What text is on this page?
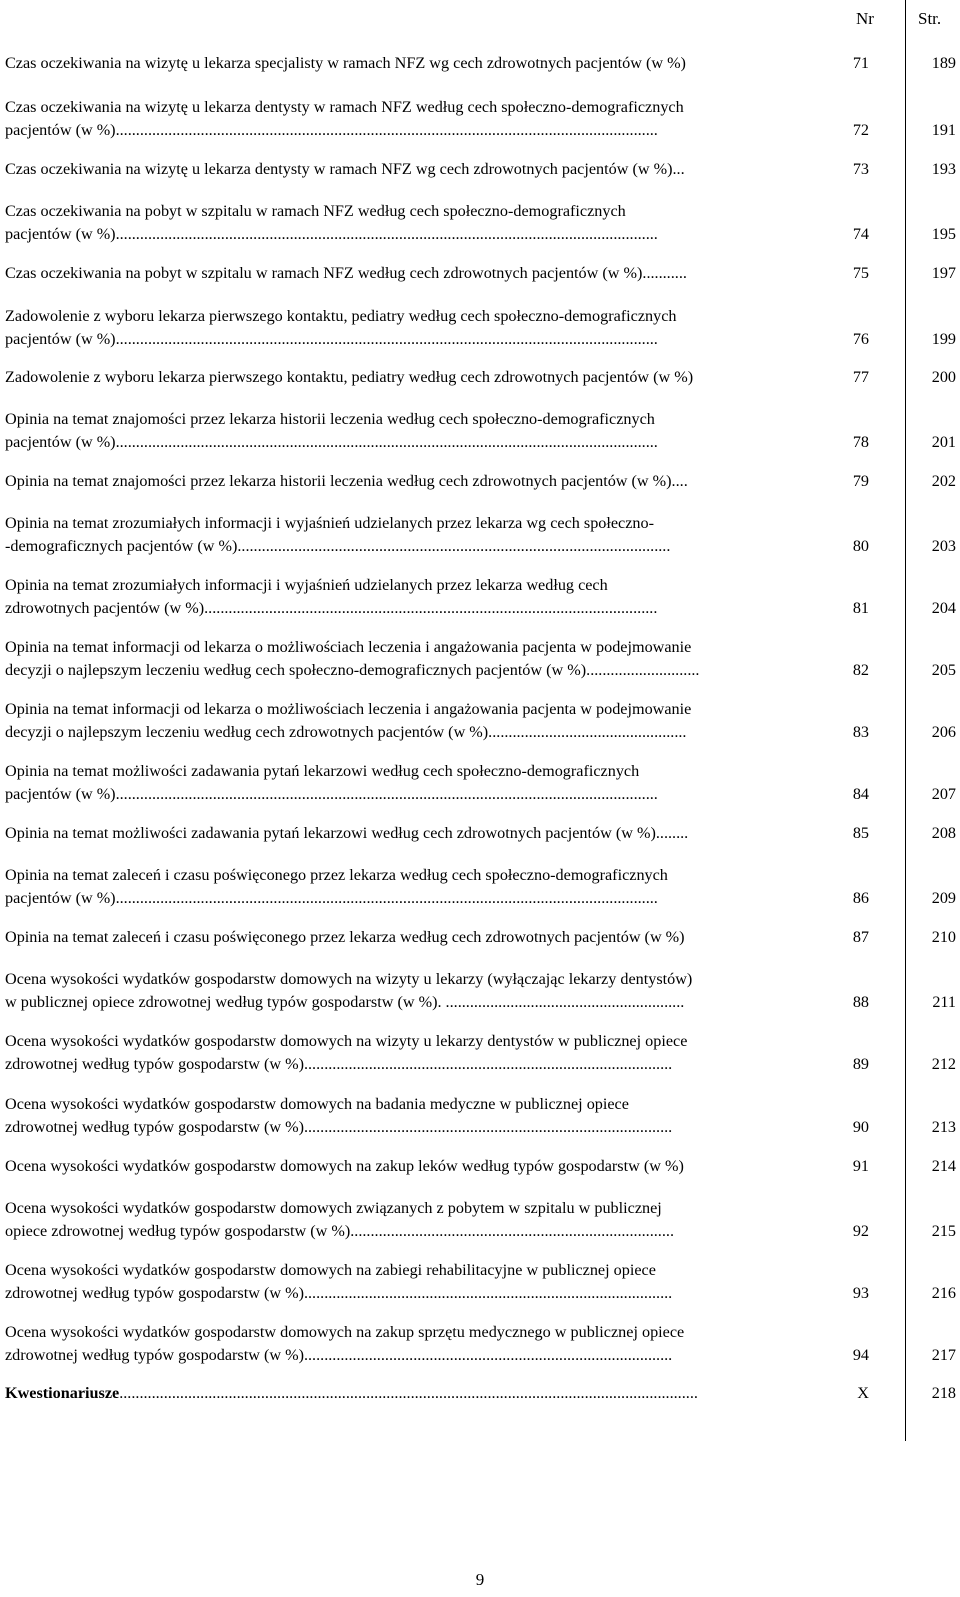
Nr	Str.
Czas oczekiwania na wizytę u lekarza specjalisty w ramach NFZ wg cech zdrowotnych pacjentów (w %)	71	189
Czas oczekiwania na wizytę u lekarza dentysty w ramach NFZ według cech społeczno-demograficznych
pacjentów (w %)......................................................................................................................................	72	191
Czas oczekiwania na wizytę u lekarza dentysty w ramach NFZ wg cech zdrowotnych pacjentów (w %)...	73	193
Czas oczekiwania na pobyt w szpitalu w ramach NFZ według cech społeczno-demograficznych
pacjentów (w %)......................................................................................................................................	74	195
Czas oczekiwania na pobyt w szpitalu w ramach NFZ według cech zdrowotnych pacjentów (w %)...........	75	197
Zadowolenie z wyboru lekarza pierwszego kontaktu, pediatry według cech społeczno-demograficznych
pacjentów (w %)......................................................................................................................................	76	199
Zadowolenie z wyboru lekarza pierwszego kontaktu, pediatry według cech zdrowotnych pacjentów (w %)	77	200
Opinia na temat znajomości przez lekarza historii leczenia według cech społeczno-demograficznych
pacjentów (w %)......................................................................................................................................	78	201
Opinia na temat znajomości przez lekarza historii leczenia według cech zdrowotnych pacjentów (w %)....	79	202
Opinia na temat zrozumiałych informacji i wyjaśnień udzielanych przez lekarza wg cech społeczno-
-demograficznych pacjentów (w %)...........................................................................................................	80	203
Opinia na temat zrozumiałych informacji i wyjaśnień udzielanych przez lekarza według cech
zdrowotnych pacjentów (w %)................................................................................................................	81	204
Opinia na temat informacji od lekarza o możliwościach leczenia i angażowania pacjenta w podejmowanie
decyzji o najlepszym leczeniu według cech społeczno-demograficznych pacjentów (w %)............................	82	205
Opinia na temat informacji od lekarza o możliwościach leczenia i angażowania pacjenta w podejmowanie
decyzji o najlepszym leczeniu według cech zdrowotnych pacjentów (w %).................................................	83	206
Opinia na temat możliwości zadawania pytań lekarzowi według cech społeczno-demograficznych
pacjentów (w %)......................................................................................................................................	84	207
Opinia na temat możliwości zadawania pytań lekarzowi według cech zdrowotnych pacjentów (w %)........	85	208
Opinia na temat zaleceń i czasu poświęconego przez lekarza według cech społeczno-demograficznych
pacjentów (w %)......................................................................................................................................	86	209
Opinia na temat zaleceń i czasu poświęconego przez lekarza według cech zdrowotnych pacjentów (w %)	87	210
Ocena wysokości wydatków gospodarstw domowych na wizyty u lekarzy (wyłączając lekarzy dentystów)
w publicznej opiece zdrowotnej według typów gospodarstw (w %). ...........................................................	88	211
Ocena wysokości wydatków gospodarstw domowych na wizyty u lekarzy dentystów w publicznej opiece
zdrowotnej według typów gospodarstw (w %)...........................................................................................	89	212
Ocena wysokości wydatków gospodarstw domowych na badania medyczne w publicznej opiece
zdrowotnej według typów gospodarstw (w %)...........................................................................................	90	213
Ocena wysokości wydatków gospodarstw domowych na zakup leków według typów gospodarstw (w %)	91	214
Ocena wysokości wydatków gospodarstw domowych związanych z pobytem w szpitalu w publicznej
opiece zdrowotnej według typów gospodarstw (w %)................................................................................	92	215
Ocena wysokości wydatków gospodarstw domowych na zabiegi rehabilitacyjne w publicznej opiece
zdrowotnej według typów gospodarstw (w %)...........................................................................................	93	216
Ocena wysokości wydatków gospodarstw domowych na zakup sprzętu medycznego w publicznej opiece
zdrowotnej według typów gospodarstw (w %)...........................................................................................	94	217
Kwestionariusze...............................................................................................................................................	X	218
9
